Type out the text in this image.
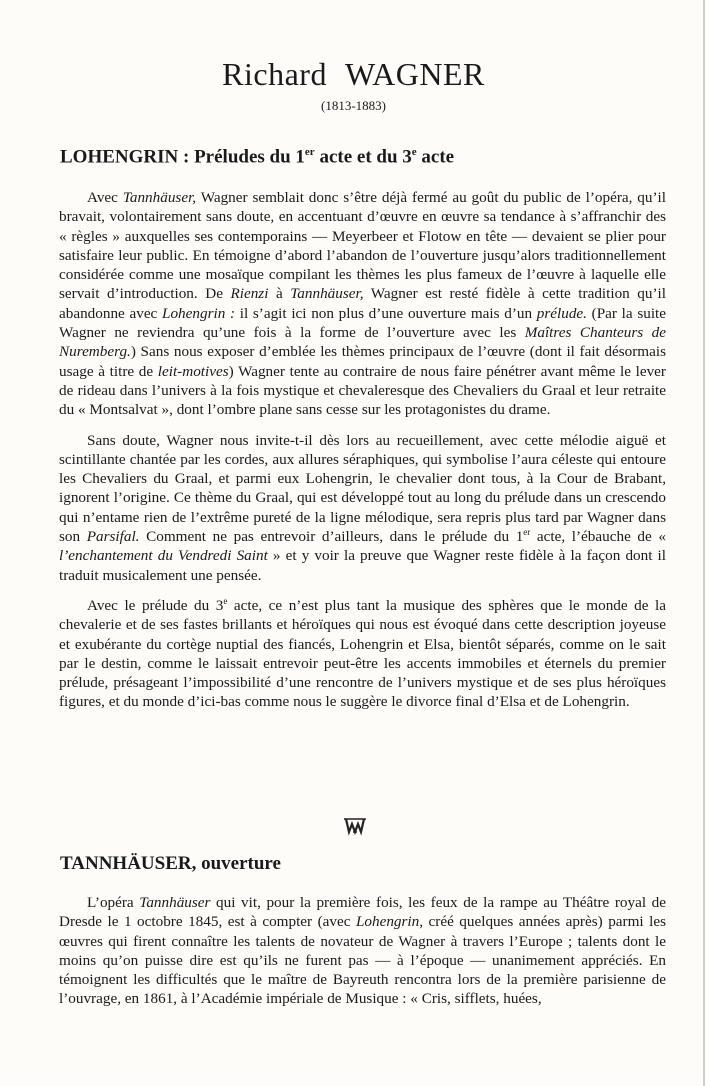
Richard WAGNER
(1813-1883)
LOHENGRIN : Préludes du 1er acte et du 3e acte

Avec Tannhäuser, Wagner semblait donc s’être déjà fermé au goût du public de l’opéra, qu’il bravait, volontairement sans doute, en accentuant d’œuvre en œuvre sa tendance à s’affranchir des « règles » auxquelles ses contemporains — Meyerbeer et Flotow en tête — devaient se plier pour satisfaire leur public. En témoigne d’abord l’abandon de l’ouverture jusqu’alors traditionnellement considérée comme une mosaïque compilant les thèmes les plus fameux de l’œuvre à laquelle elle servait d’introduction. De Rienzi à Tannhäuser, Wagner est resté fidèle à cette tradition qu’il abandonne avec Lohengrin : il s’agit ici non plus d’une ouverture mais d’un prélude. (Par la suite Wagner ne reviendra qu’une fois à la forme de l’ouverture avec les Maîtres Chanteurs de Nuremberg.) Sans nous exposer d’emblée les thèmes principaux de l’œuvre (dont il fait désormais usage à titre de leit-motives) Wagner tente au contraire de nous faire pénétrer avant même le lever de rideau dans l’univers à la fois mystique et chevaleresque des Chevaliers du Graal et leur retraite du « Montsalvat », dont l’ombre plane sans cesse sur les protagonistes du drame.

Sans doute, Wagner nous invite-t-il dès lors au recueillement, avec cette mélodie aiguë et scintillante chantée par les cordes, aux allures séraphiques, qui symbolise l’aura céleste qui entoure les Chevaliers du Graal, et parmi eux Lohengrin, le chevalier dont tous, à la Cour de Brabant, ignorent l’origine. Ce thème du Graal, qui est développé tout au long du prélude dans un crescendo qui n’entame rien de l’extrême pureté de la ligne mélodique, sera repris plus tard par Wagner dans son Parsifal. Comment ne pas entrevoir d’ailleurs, dans le prélude du 1er acte, l’ébauche de « l’enchantement du Vendredi Saint » et y voir la preuve que Wagner reste fidèle à la façon dont il traduit musicalement une pensée.

Avec le prélude du 3e acte, ce n’est plus tant la musique des sphères que le monde de la chevalerie et de ses fastes brillants et héroïques qui nous est évoqué dans cette description joyeuse et exubérante du cortège nuptial des fiancés, Lohengrin et Elsa, bientôt séparés, comme on le sait par le destin, comme le laissait entrevoir peut-être les accents immobiles et éternels du premier prélude, présageant l’impossibilité d’une rencontre de l’univers mystique et de ses plus héroïques figures, et du monde d’ici-bas comme nous le suggère le divorce final d’Elsa et de Lohengrin.

TANNHÄUSER, ouverture

L’opéra Tannhäuser qui vit, pour la première fois, les feux de la rampe au Théâtre royal de Dresde le 1 octobre 1845, est à compter (avec Lohengrin, créé quelques années après) parmi les œuvres qui firent connaître les talents de novateur de Wagner à travers l’Europe ; talents dont le moins qu’on puisse dire est qu’ils ne furent pas — à l’époque — unanimement appréciés. En témoignent les difficultés que le maître de Bayreuth rencontra lors de la première parisienne de l’ouvrage, en 1861, à l’Académie impériale de Musique : « Cris, sifflets, huées,
